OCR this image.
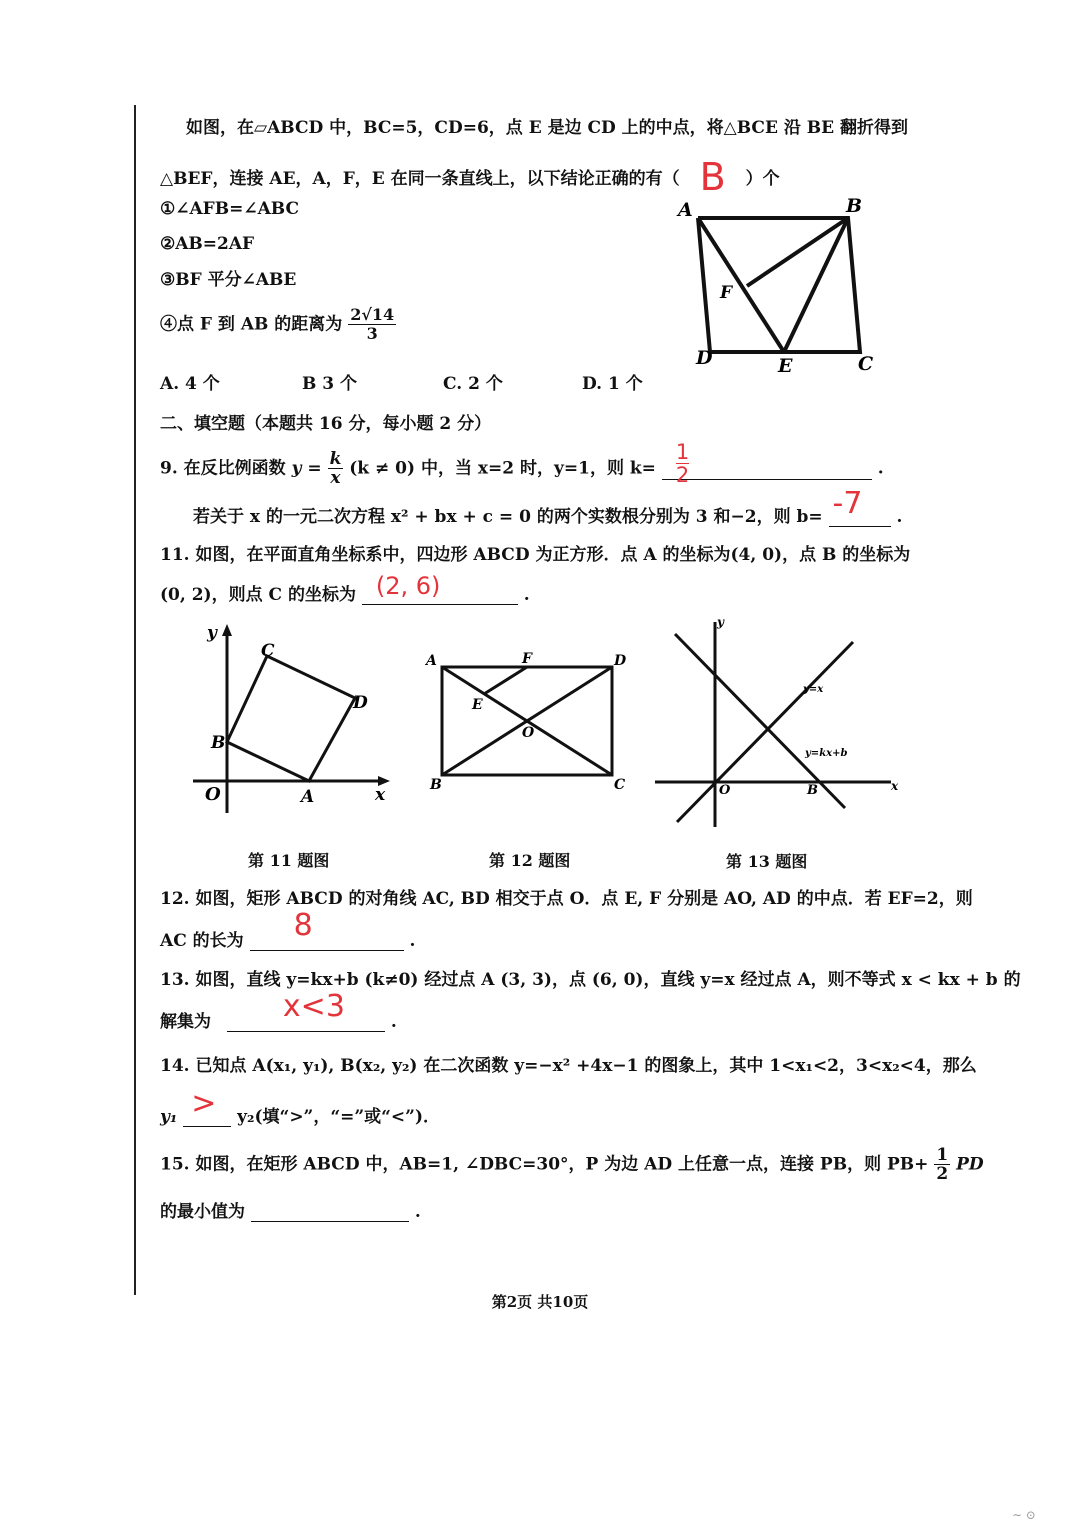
如图，在▱ABCD 中，BC=5，CD=6，点 E 是边 CD 上的中点，将△BCE 沿 BE 翻折得到
△BEF，连接 AE，A，F，E 在同一条直线上，以下结论正确的有（ B ）个
①∠AFB=∠ABC
②AB=2AF
③BF 平分∠ABE
④点 F 到 AB 的距离为 $\frac{2√14}{3}$
A. 4 个	B 3 个	C. 2 个	D. 1 个
A	B
C
D	E
F
二、填空题（本题共 16 分，每小题 2 分）
9. 在反比例函数 $y = \frac{k}{x} (k \ne 0)$ 中，当 x=2 时，y=1，则 $k= \frac{1}{2}$	.
若关于 x 的一元二次方程 x² + bx + c = 0 的两个实数根分别为 3 和−2，则 b= -7 .
11. 如图，在平面直角坐标系中，四边形 ABCD 为正方形．点 A 的坐标为(4, 0)，点 B 的坐标为
(0, 2)，则点 C 的坐标为 (2, 6)	.
y
x
O	A
B
C
D
A	F	D
E
O
B	C
y
x
O	B
y=x
y=kx+b
第 11 题图	第 12 题图	第 13 题图
12. 如图，矩形 ABCD 的对角线 AC, BD 相交于点 O．点 E, F 分别是 AO, AD 的中点．若 EF=2，则
AC 的长为 8	.
13. 如图，直线 y=kx+b (k≠0) 经过点 A (3, 3)，点 (6, 0)，直线 y=x 经过点 A，则不等式 x < kx + b 的
解集为 x<3	.
14. 已知点 A(x₁, y₁), B(x₂, y₂) 在二次函数 y=−x² +4x−1 的图象上，其中 1<x₁<2，3<x₂<4，那么
y₁ > y₂(填“>”，“=”或“<”)．
15. 如图，在矩形 ABCD 中，AB=1, ∠DBC=30°，P 为边 AD 上任意一点，连接 PB，则 $PB+ \frac{1}{2}$ PD
的最小值为	.
第2页 共10页
∼ ⊙
